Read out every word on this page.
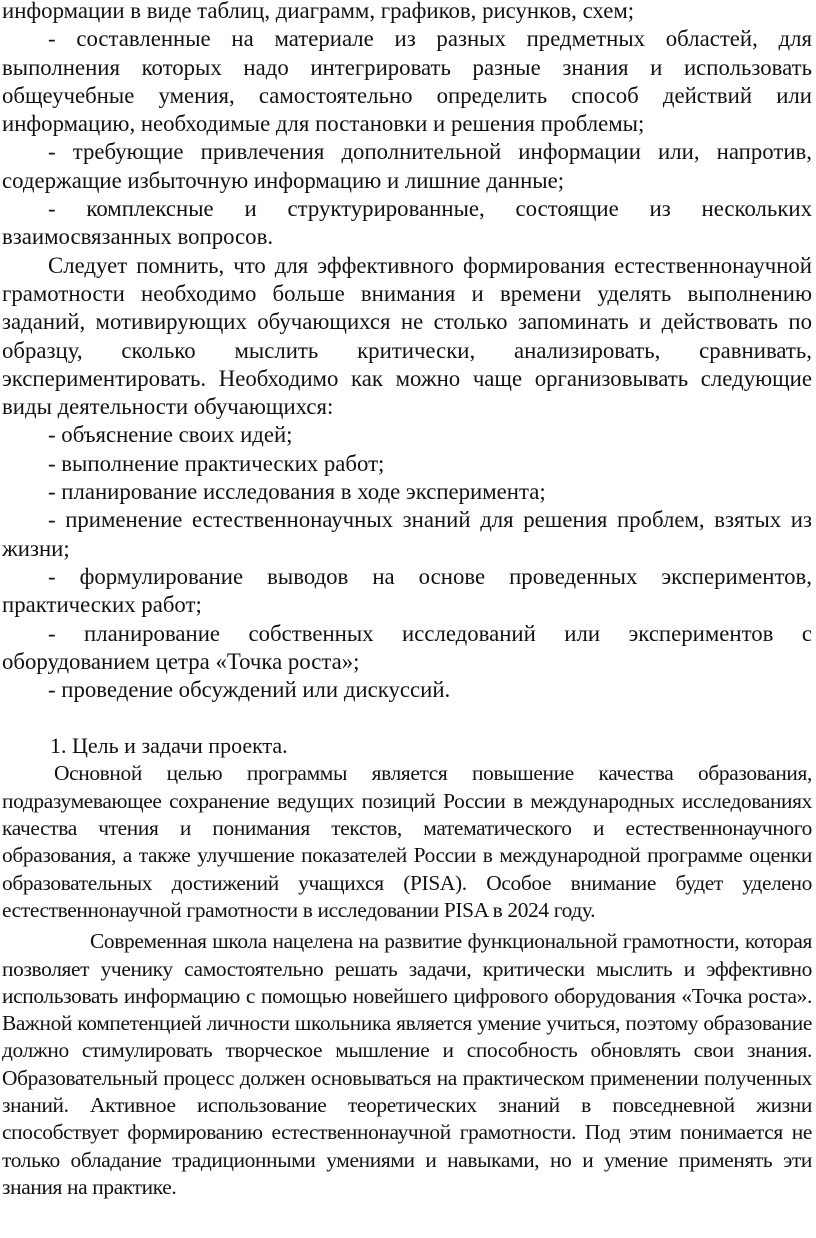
информации в виде таблиц, диаграмм, графиков, рисунков, схем;

- составленные на материале из разных предметных областей, для выполнения которых надо интегрировать разные знания и использовать общеучебные умения, самостоятельно определить способ действий или информацию, необходимые для постановки и решения проблемы;

- требующие привлечения дополнительной информации или, напротив, содержащие избыточную информацию и лишние данные;

- комплексные и структурированные, состоящие из нескольких взаимосвязанных вопросов.

Следует помнить, что для эффективного формирования естественнонаучной грамотности необходимо больше внимания и времени уделять выполнению заданий, мотивирующих обучающихся не столько запоминать и действовать по образцу, сколько мыслить критически, анализировать, сравнивать, экспериментировать. Необходимо как можно чаще организовывать следующие виды деятельности обучающихся:

- объяснение своих идей;

- выполнение практических работ;

- планирование исследования в ходе эксперимента;

- применение естественнонаучных знаний для решения проблем, взятых из жизни;

- формулирование выводов на основе проведенных экспериментов, практических работ;

- планирование собственных исследований или экспериментов с оборудованием цетра «Точка роста»;

- проведение обсуждений или дискуссий.

1. Цель и задачи проекта.

Основной целью программы является повышение качества образования, подразумевающее сохранение ведущих позиций России в международных исследованиях качества чтения и понимания текстов, математического и естественнонаучного образования, а также улучшение показателей России в международной программе оценки образовательных достижений учащихся (PISA). Особое внимание будет уделено естественнонаучной грамотности в исследовании PISA в 2024 году.

Современная школа нацелена на развитие функциональной грамотности, которая позволяет ученику самостоятельно решать задачи, критически мыслить и эффективно использовать информацию с помощью новейшего цифрового оборудования «Точка роста». Важной компетенцией личности школьника является умение учиться, поэтому образование должно стимулировать творческое мышление и способность обновлять свои знания. Образовательный процесс должен основываться на практическом применении полученных знаний. Активное использование теоретических знаний в повседневной жизни способствует формированию естественнонаучной грамотности. Под этим понимается не только обладание традиционными умениями и навыками, но и умение применять эти знания на практике.
